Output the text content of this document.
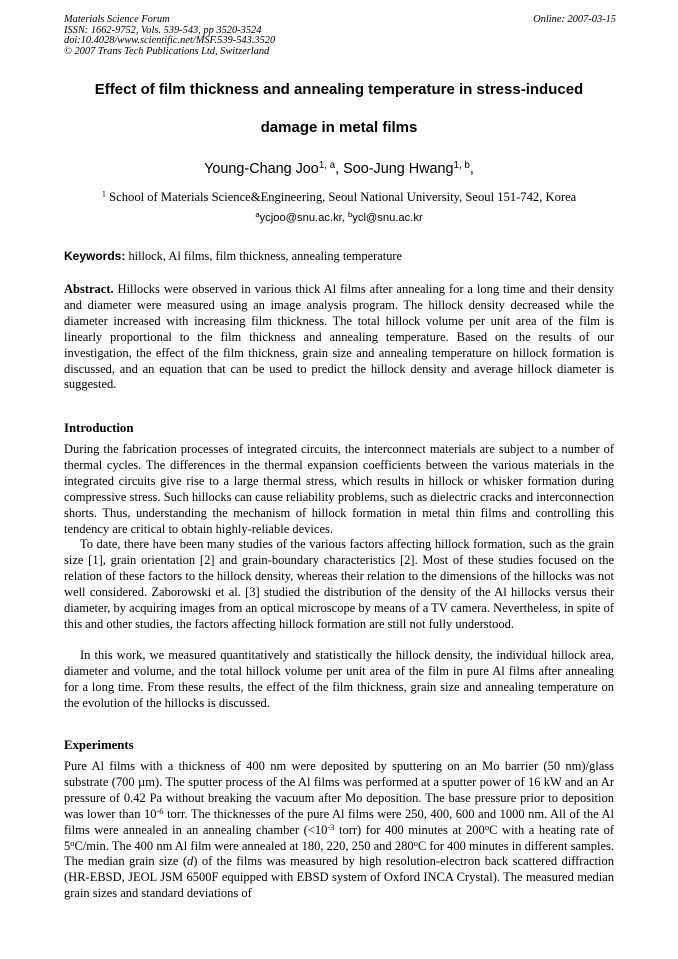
Materials Science Forum
ISSN: 1662-9752, Vols. 539-543, pp 3520-3524
doi:10.4028/www.scientific.net/MSF.539-543.3520
© 2007 Trans Tech Publications Ltd, Switzerland
Online: 2007-03-15
Effect of film thickness and annealing temperature in stress-induced
damage in metal films
Young-Chang Joo$^{1, a}$, Soo-Jung Hwang$^{1, b}$,
$^1$ School of Materials Science&Engineering, Seoul National University, Seoul 151-742, Korea
$^a$ycjoo@snu.ac.kr, $^b$ycl@snu.ac.kr
Keywords: hillock, Al films, film thickness, annealing temperature
Abstract. Hillocks were observed in various thick Al films after annealing for a long time and their density and diameter were measured using an image analysis program. The hillock density decreased while the diameter increased with increasing film thickness. The total hillock volume per unit area of the film is linearly proportional to the film thickness and annealing temperature. Based on the results of our investigation, the effect of the film thickness, grain size and annealing temperature on hillock formation is discussed, and an equation that can be used to predict the hillock density and average hillock diameter is suggested.
Introduction
During the fabrication processes of integrated circuits, the interconnect materials are subject to a number of thermal cycles. The differences in the thermal expansion coefficients between the various materials in the integrated circuits give rise to a large thermal stress, which results in hillock or whisker formation during compressive stress. Such hillocks can cause reliability problems, such as dielectric cracks and interconnection shorts. Thus, understanding the mechanism of hillock formation in metal thin films and controlling this tendency are critical to obtain highly-reliable devices.
To date, there have been many studies of the various factors affecting hillock formation, such as the grain size [1], grain orientation [2] and grain-boundary characteristics [2]. Most of these studies focused on the relation of these factors to the hillock density, whereas their relation to the dimensions of the hillocks was not well considered. Zaborowski et al. [3] studied the distribution of the density of the Al hillocks versus their diameter, by acquiring images from an optical microscope by means of a TV camera. Nevertheless, in spite of this and other studies, the factors affecting hillock formation are still not fully understood.
In this work, we measured quantitatively and statistically the hillock density, the individual hillock area, diameter and volume, and the total hillock volume per unit area of the film in pure Al films after annealing for a long time. From these results, the effect of the film thickness, grain size and annealing temperature on the evolution of the hillocks is discussed.
Experiments
Pure Al films with a thickness of 400 nm were deposited by sputtering on an Mo barrier (50 nm)/glass substrate (700 µm). The sputter process of the Al films was performed at a sputter power of 16 kW and an Ar pressure of 0.42 Pa without breaking the vacuum after Mo deposition. The base pressure prior to deposition was lower than $10^{-6}$ torr. The thicknesses of the pure Al films were 250, 400, 600 and 1000 nm. All of the Al films were annealed in an annealing chamber ($<10^{-3}$ torr) for 400 minutes at 200$^o$C with a heating rate of 5$^o$C/min. The 400 nm Al film were annealed at 180, 220, 250 and 280$^o$C for 400 minutes in different samples. The median grain size (d) of the films was measured by high resolution-electron back scattered diffraction (HR-EBSD, JEOL JSM 6500F equipped with EBSD system of Oxford INCA Crystal). The measured median grain sizes and standard deviations of
